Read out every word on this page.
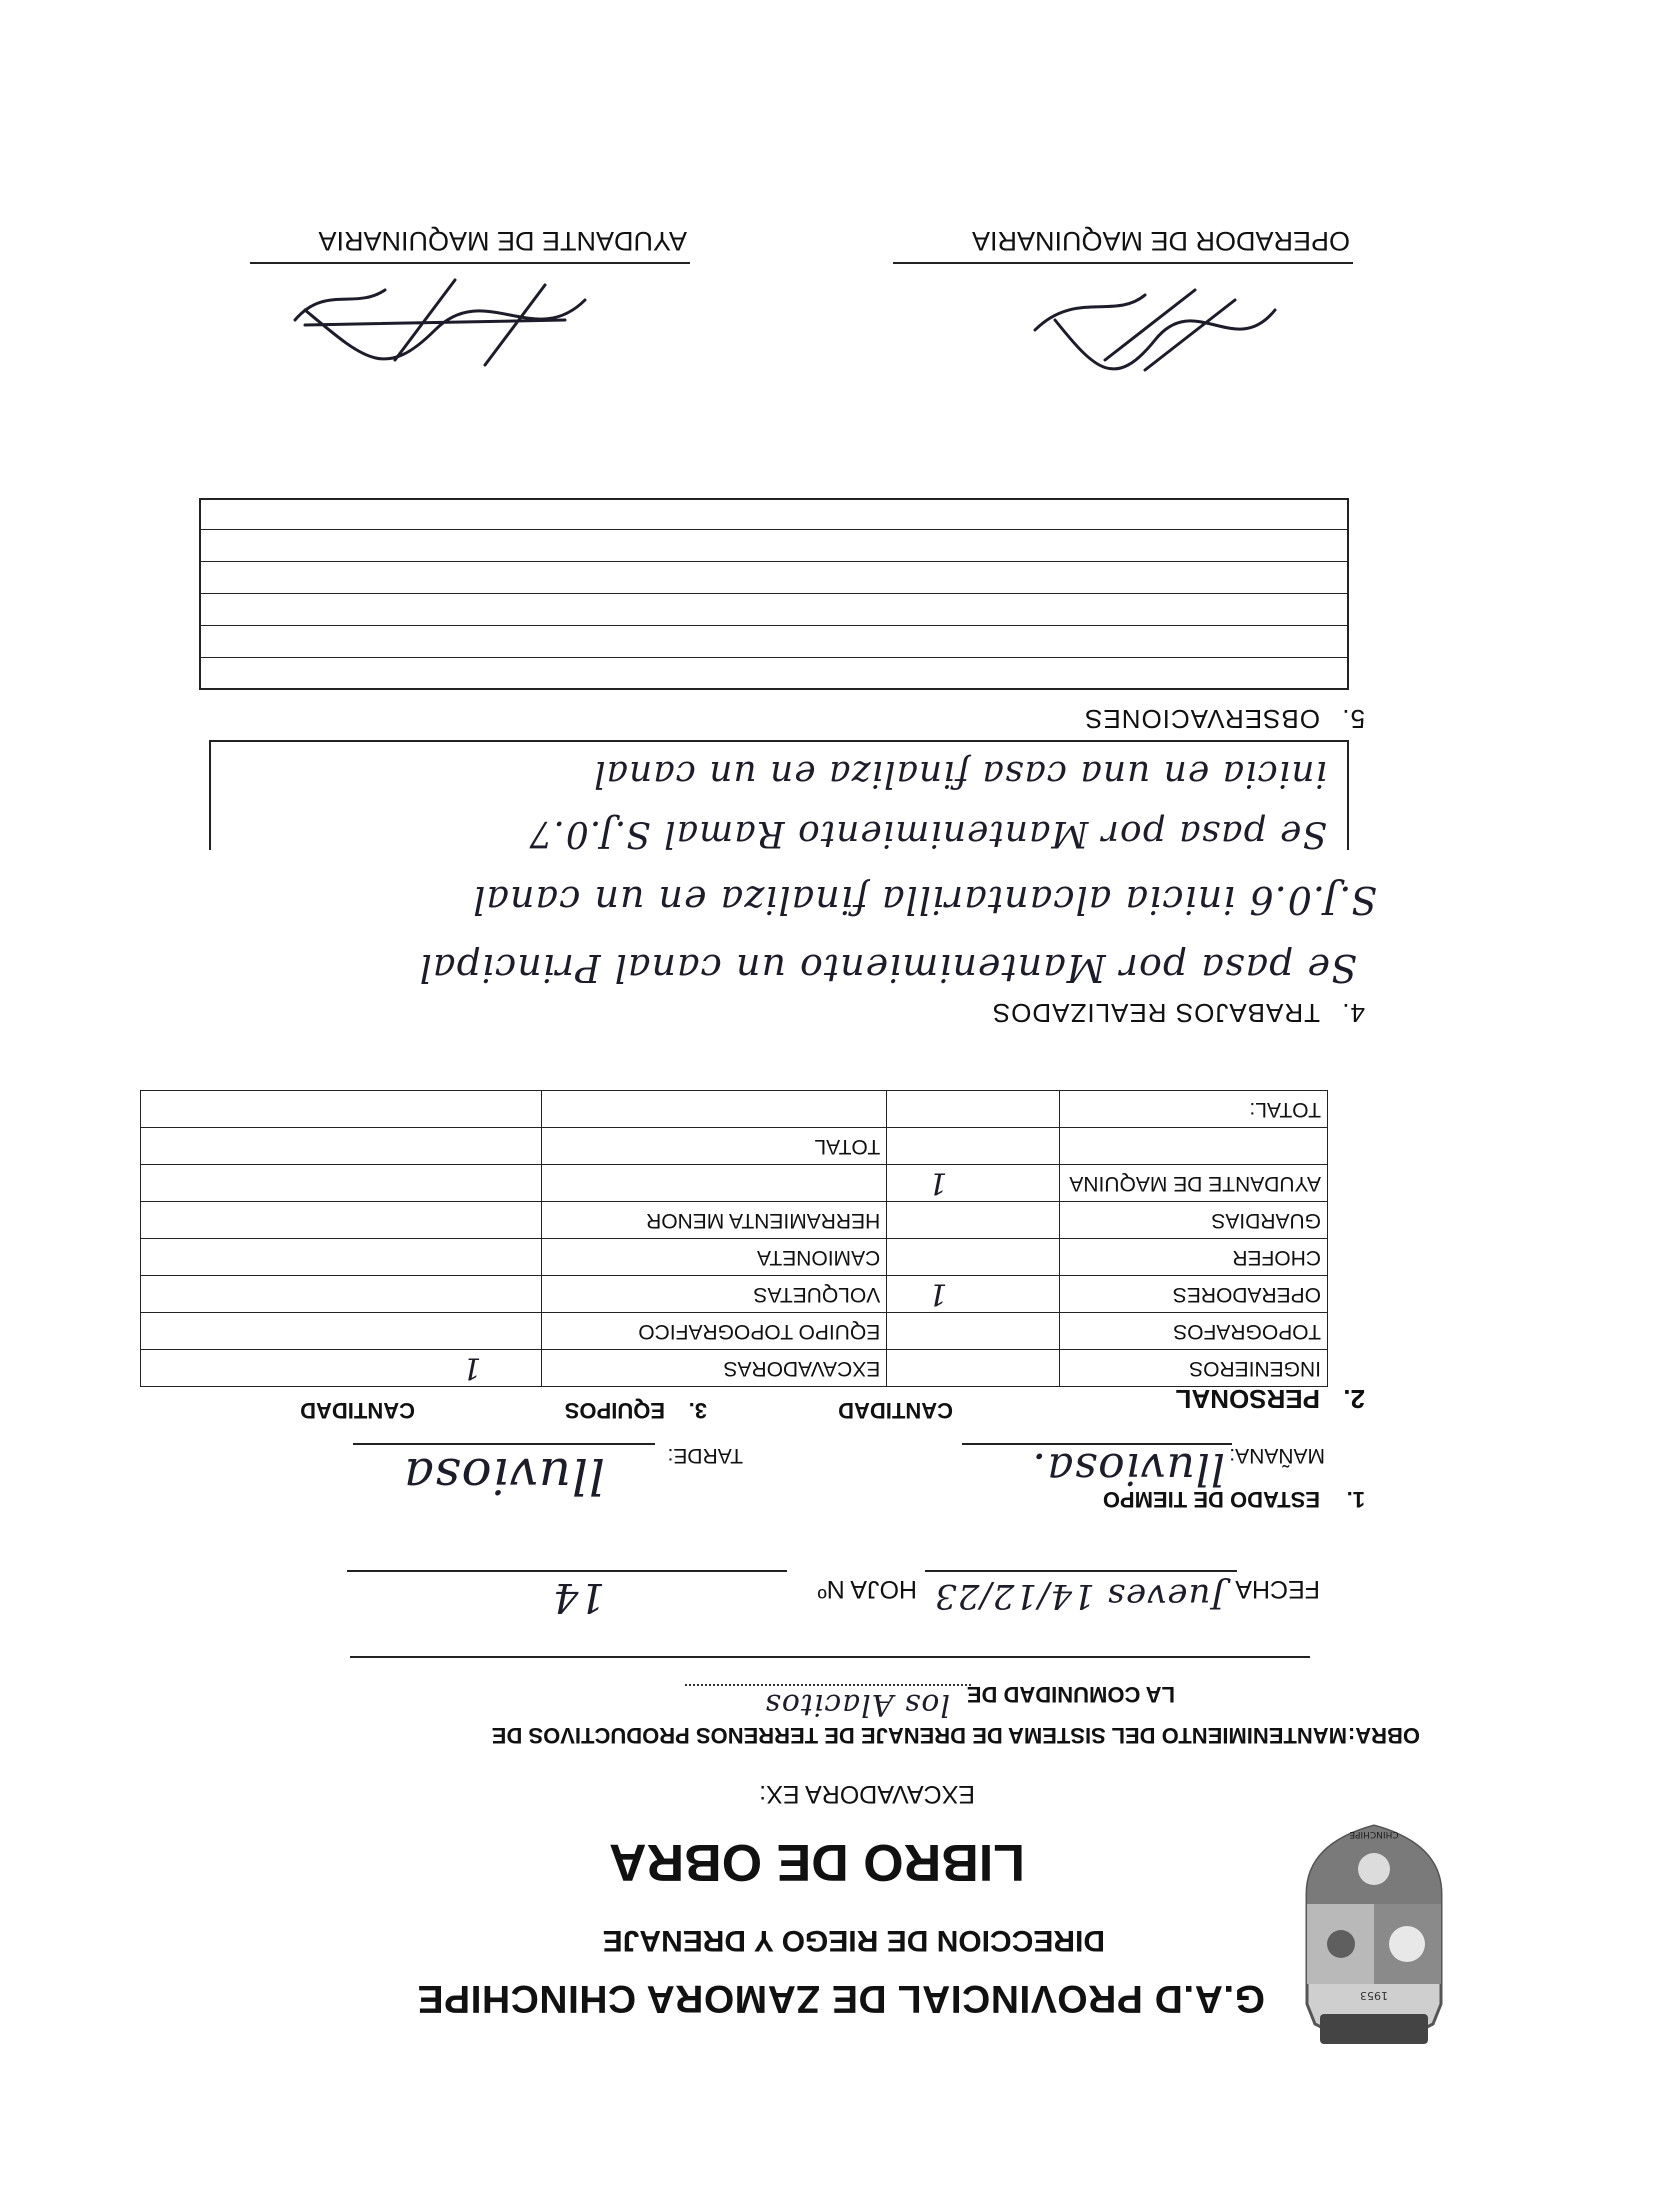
1953
CHINCHIPE
G.A.D PROVINCIAL DE ZAMORA CHINCHIPE
DIRECCION DE RIEGO Y DRENAJE
LIBRO DE OBRA
EXCAVADORA EX:
OBRA:
MANTENIMIENTO DEL SISTEMA DE DRENAJE DE TERRENOS PRODUCTIVOS DE
LA COMUNIDAD DE
los Alacitos
FECHA
Jueves 14/12/23
HOJA Nº
14
1.
ESTADO DE TIEMPO
MAÑANA:
lluviosa.
TARDE:
lluviosa
2.
PERSONAL
CANTIDAD
3.
EQUIPOS
CANTIDAD
INGENIEROS		EXCAVADORAS	1
TOPOGRAFOS		EQUIPO TOPOGRAFICO	
OPERADORES	1	VOLQUETAS	
CHOFER		CAMIONETA	
GUARDIAS		HERRAMIENTA MENOR	
AYUDANTE DE MAQUINA	1		
		TOTAL	
TOTAL:			
4.
TRABAJOS REALIZADOS
Se pasa por Mantenimiento un canal Principal
S.J.0.6 inicia alcantarilla finaliza en un canal
Se pasa por Mantenimiento Ramal S.J.0.7
inicia en una casa finaliza en un canal
5.
OBSERVACIONES
OPERADOR DE MAQUINARIA
AYUDANTE DE MAQUINARIA
